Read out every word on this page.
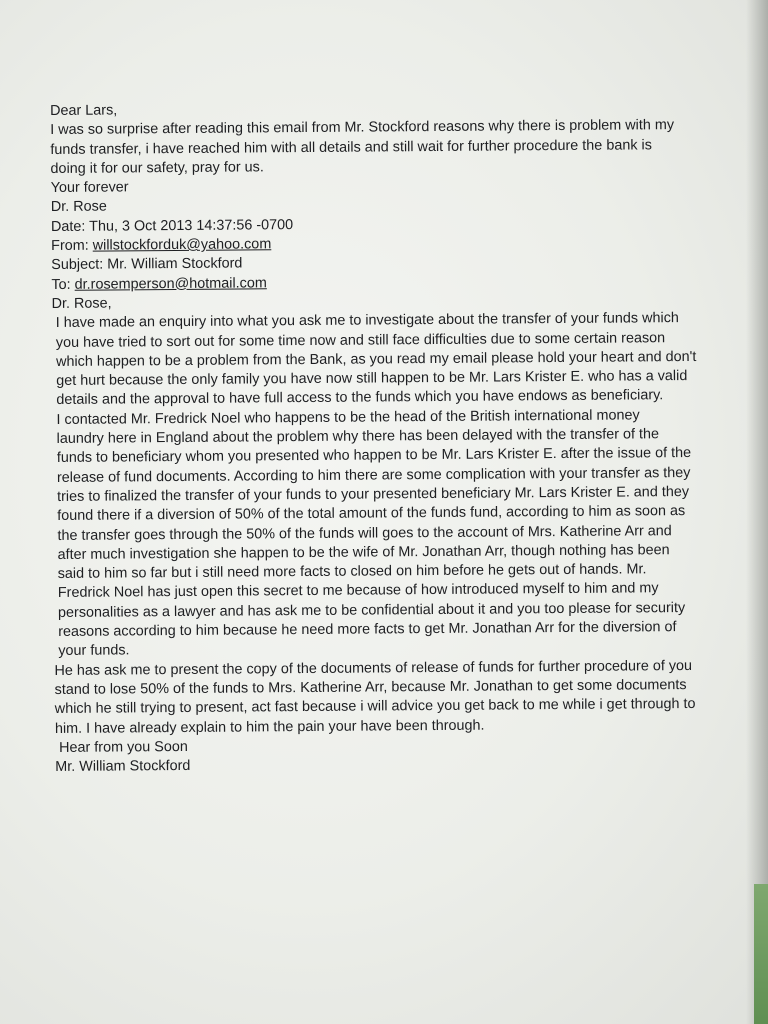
Dear Lars,
I was so surprise after reading this email from Mr. Stockford reasons why there is problem with my
funds transfer, i have reached him with all details and still wait for further procedure the bank is
doing it for our safety, pray for us.
Your forever
Dr. Rose
Date: Thu, 3 Oct 2013 14:37:56 -0700
From: willstockforduk@yahoo.com
Subject: Mr. William Stockford
To: dr.rosemperson@hotmail.com
Dr. Rose,
I have made an enquiry into what you ask me to investigate about the transfer of your funds which
you have tried to sort out for some time now and still face difficulties due to some certain reason
which happen to be a problem from the Bank, as you read my email please hold your heart and don't
get hurt because the only family you have now still happen to be Mr. Lars Krister E. who has a valid
details and the approval to have full access to the funds which you have endows as beneficiary.
I contacted Mr. Fredrick Noel who happens to be the head of the British international money
laundry here in England about the problem why there has been delayed with the transfer of the
funds to beneficiary whom you presented who happen to be Mr. Lars Krister E. after the issue of the
release of fund documents. According to him there are some complication with your transfer as they
tries to finalized the transfer of your funds to your presented beneficiary Mr. Lars Krister E. and they
found there if a diversion of 50% of the total amount of the funds fund, according to him as soon as
the transfer goes through the 50% of the funds will goes to the account of Mrs. Katherine Arr and
after much investigation she happen to be the wife of Mr. Jonathan Arr, though nothing has been
said to him so far but i still need more facts to closed on him before he gets out of hands. Mr.
Fredrick Noel has just open this secret to me because of how introduced myself to him and my
personalities as a lawyer and has ask me to be confidential about it and you too please for security
reasons according to him because he need more facts to get Mr. Jonathan Arr for the diversion of
your funds.
He has ask me to present the copy of the documents of release of funds for further procedure of you
stand to lose 50% of the funds to Mrs. Katherine Arr, because Mr. Jonathan to get some documents
which he still trying to present, act fast because i will advice you get back to me while i get through to
him. I have already explain to him the pain your have been through.
Hear from you Soon
Mr. William Stockford
